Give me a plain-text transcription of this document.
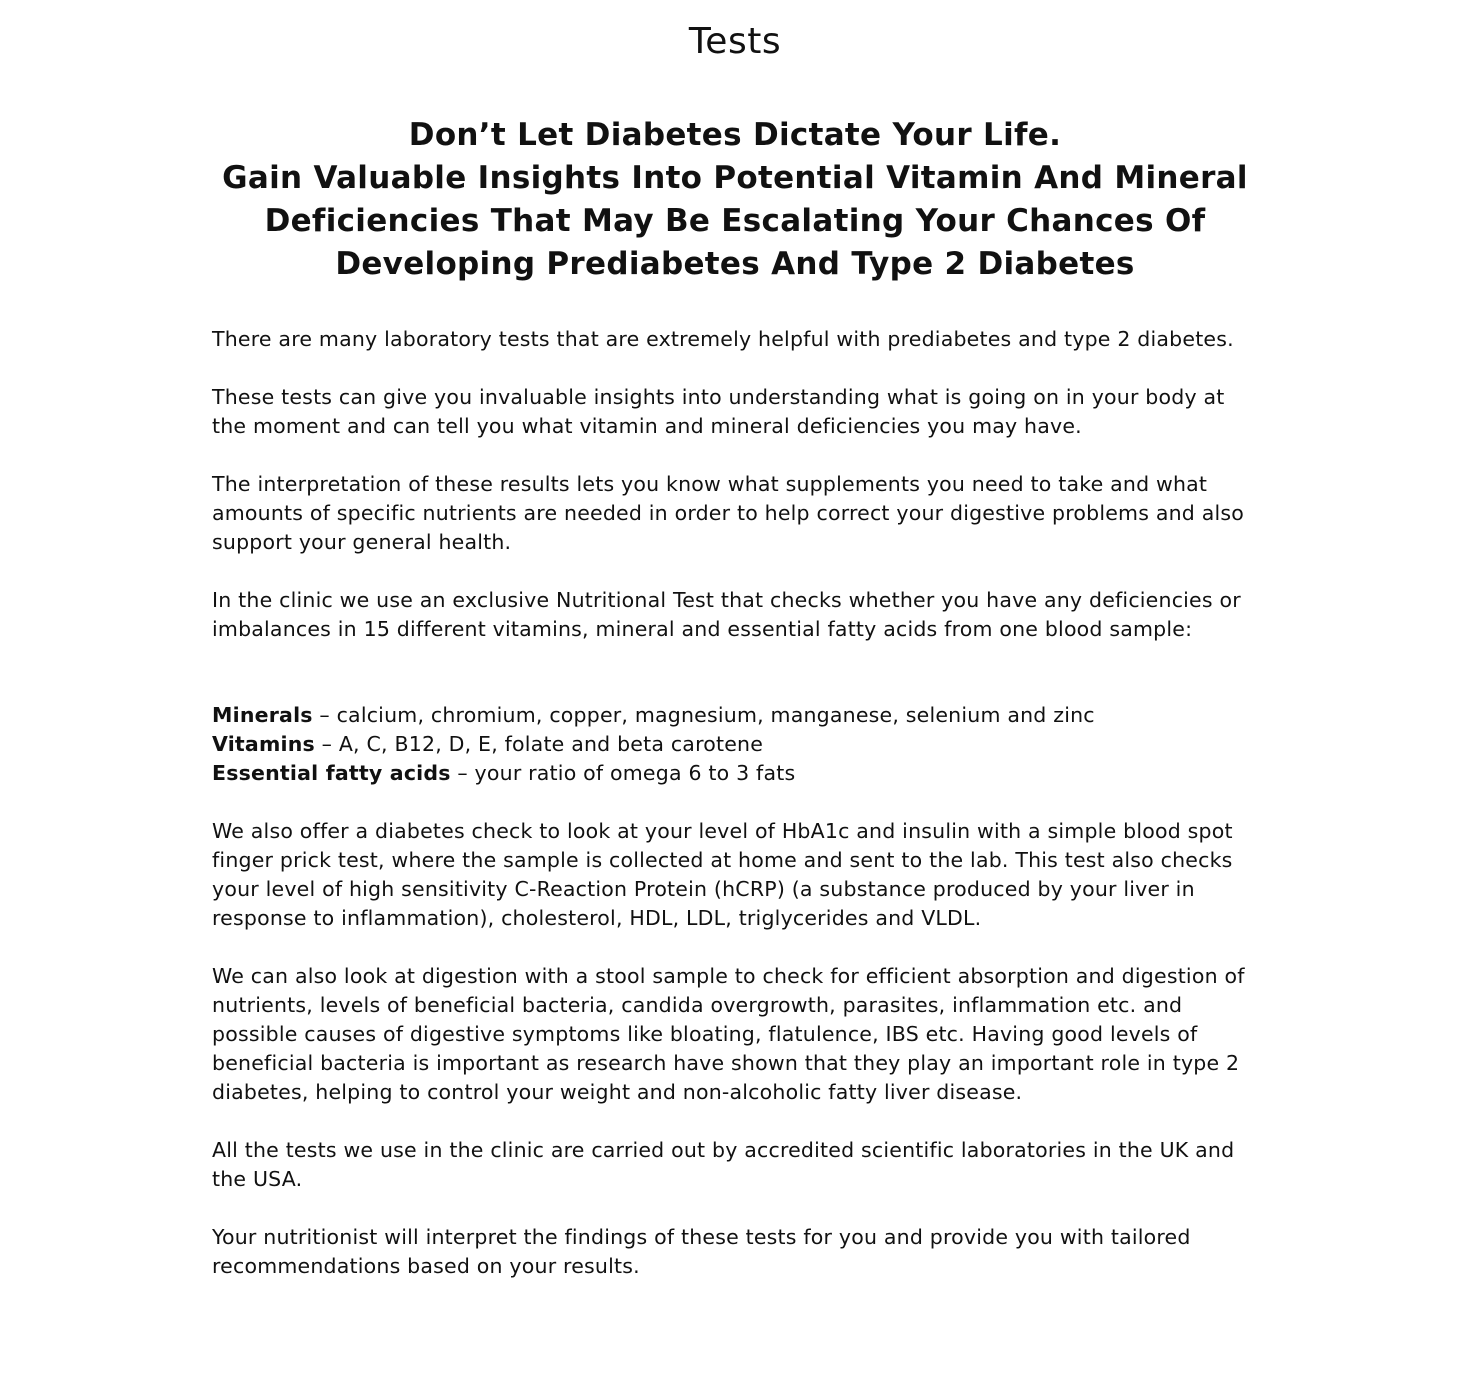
Tests
Don’t Let Diabetes Dictate Your Life.
Gain Valuable Insights Into Potential Vitamin And Mineral
Deficiencies That May Be Escalating Your Chances Of
Developing Prediabetes And Type 2 Diabetes

There are many laboratory tests that are extremely helpful with prediabetes and type 2 diabetes.

These tests can give you invaluable insights into understanding what is going on in your body at the moment and can tell you what vitamin and mineral deficiencies you may have.

The interpretation of these results lets you know what supplements you need to take and what amounts of specific nutrients are needed in order to help correct your digestive problems and also support your general health.

In the clinic we use an exclusive Nutritional Test that checks whether you have any deficiencies or imbalances in 15 different vitamins, mineral and essential fatty acids from one blood sample:

Minerals – calcium, chromium, copper, magnesium, manganese, selenium and zinc
Vitamins – A, C, B12, D, E, folate and beta carotene
Essential fatty acids – your ratio of omega 6 to 3 fats

We also offer a diabetes check to look at your level of HbA1c and insulin with a simple blood spot finger prick test, where the sample is collected at home and sent to the lab. This test also checks your level of high sensitivity C-Reaction Protein (hCRP) (a substance produced by your liver in response to inflammation), cholesterol, HDL, LDL, triglycerides and VLDL.

We can also look at digestion with a stool sample to check for efficient absorption and digestion of nutrients, levels of beneficial bacteria, candida overgrowth, parasites, inflammation etc. and possible causes of digestive symptoms like bloating, flatulence, IBS etc. Having good levels of beneficial bacteria is important as research have shown that they play an important role in type 2 diabetes, helping to control your weight and non-alcoholic fatty liver disease.

All the tests we use in the clinic are carried out by accredited scientific laboratories in the UK and the USA.

Your nutritionist will interpret the findings of these tests for you and provide you with tailored recommendations based on your results.
